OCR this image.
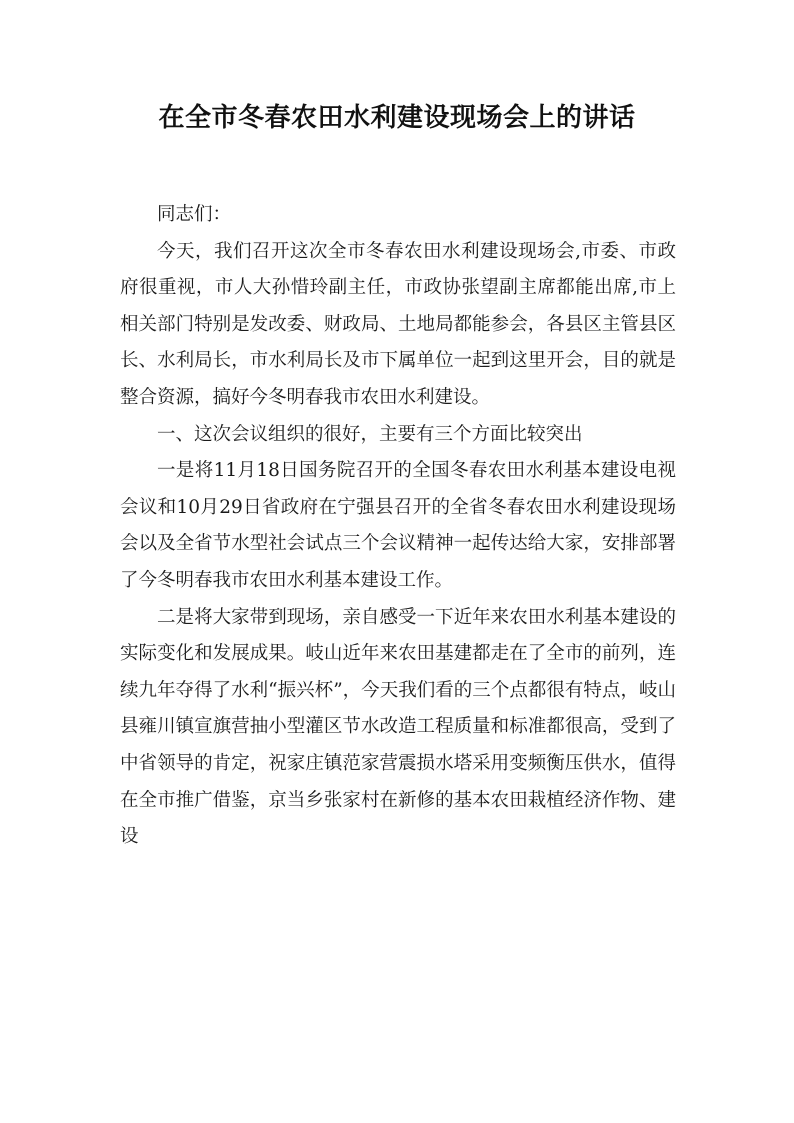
在全市冬春农田水利建设现场会上的讲话

同志们：

今天，我们召开这次全市冬春农田水利建设现场会,市委、市政府很重视，市人大孙惜玲副主任，市政协张望副主席都能出席,市上相关部门特别是发改委、财政局、土地局都能参会，各县区主管县区长、水利局长，市水利局长及市下属单位一起到这里开会，目的就是整合资源，搞好今冬明春我市农田水利建设。

一、这次会议组织的很好，主要有三个方面比较突出

一是将11月18日国务院召开的全国冬春农田水利基本建设电视会议和10月29日省政府在宁强县召开的全省冬春农田水利建设现场会以及全省节水型社会试点三个会议精神一起传达给大家，安排部署了今冬明春我市农田水利基本建设工作。

二是将大家带到现场，亲自感受一下近年来农田水利基本建设的实际变化和发展成果。岐山近年来农田基建都走在了全市的前列，连续九年夺得了水利“振兴杯”，今天我们看的三个点都很有特点，岐山县雍川镇宣旗营抽小型灌区节水改造工程质量和标准都很高，受到了中省领导的肯定，祝家庄镇范家营震损水塔采用变频衡压供水，值得在全市推广借鉴，京当乡张家村在新修的基本农田栽植经济作物、建设
